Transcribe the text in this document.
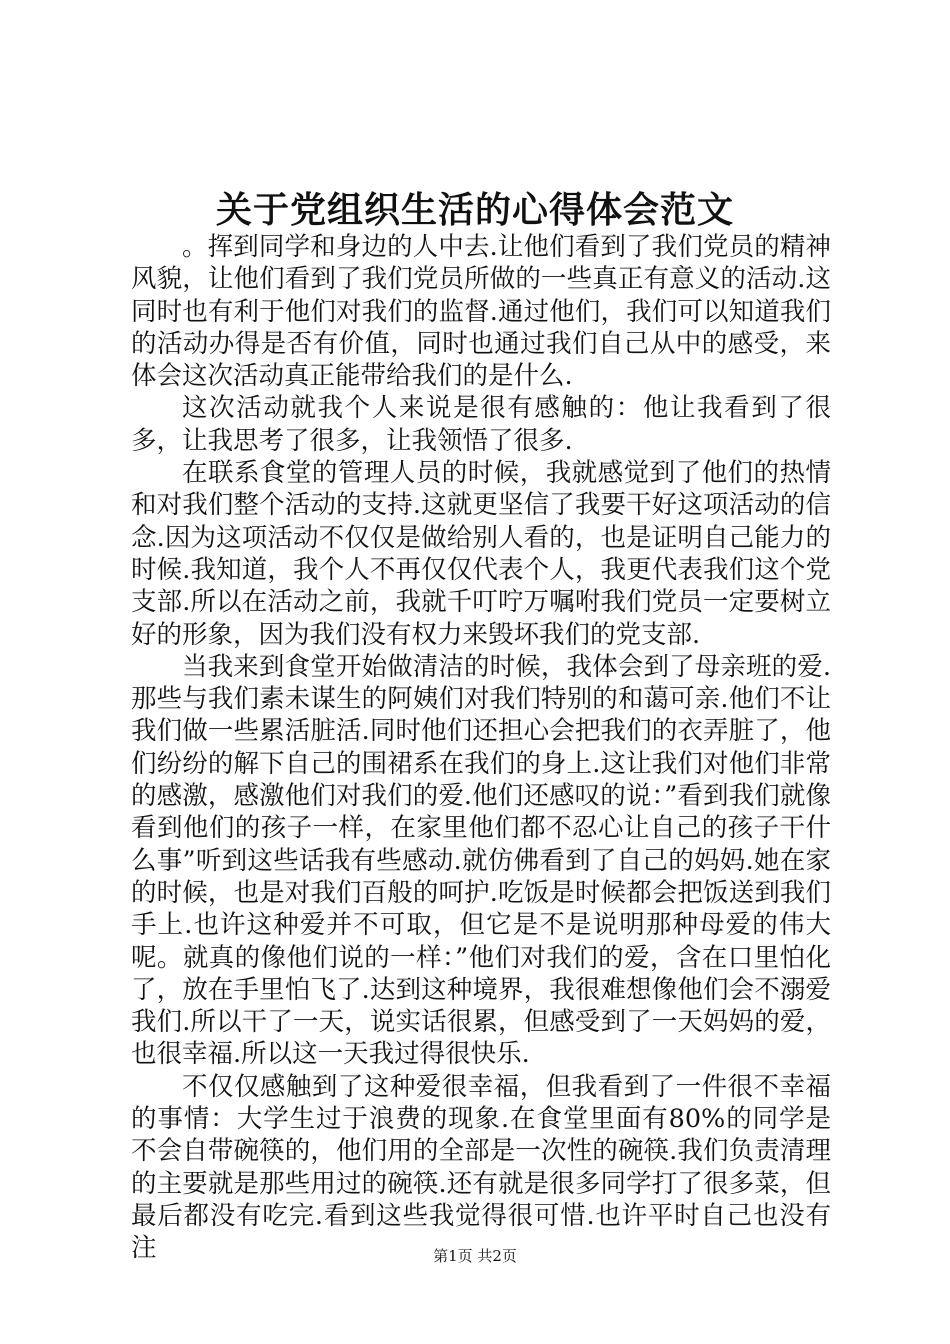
关于党组织生活的心得体会范文

。挥到同学和身边的人中去.让他们看到了我们党员的精神风貌，让他们看到了我们党员所做的一些真正有意义的活动.这同时也有利于他们对我们的监督.通过他们，我们可以知道我们的活动办得是否有价值，同时也通过我们自己从中的感受，来体会这次活动真正能带给我们的是什么.

这次活动就我个人来说是很有感触的：他让我看到了很多，让我思考了很多，让我领悟了很多.

在联系食堂的管理人员的时候，我就感觉到了他们的热情和对我们整个活动的支持.这就更坚信了我要干好这项活动的信念.因为这项活动不仅仅是做给别人看的，也是证明自己能力的时候.我知道，我个人不再仅仅代表个人，我更代表我们这个党支部.所以在活动之前，我就千叮咛万嘱咐我们党员一定要树立好的形象，因为我们没有权力来毁坏我们的党支部.

当我来到食堂开始做清洁的时候，我体会到了母亲班的爱.那些与我们素未谋生的阿姨们对我们特别的和蔼可亲.他们不让我们做一些累活脏活.同时他们还担心会把我们的衣弄脏了，他们纷纷的解下自己的围裙系在我们的身上.这让我们对他们非常的感激，感激他们对我们的爱.他们还感叹的说：”看到我们就像看到他们的孩子一样，在家里他们都不忍心让自己的孩子干什么事”听到这些话我有些感动.就仿佛看到了自己的妈妈.她在家的时候，也是对我们百般的呵护.吃饭是时候都会把饭送到我们手上.也许这种爱并不可取，但它是不是说明那种母爱的伟大呢。就真的像他们说的一样：”他们对我们的爱，含在口里怕化了，放在手里怕飞了.达到这种境界，我很难想像他们会不溺爱我们.所以干了一天，说实话很累，但感受到了一天妈妈的爱，也很幸福.所以这一天我过得很快乐.

不仅仅感触到了这种爱很幸福，但我看到了一件很不幸福的事情：大学生过于浪费的现象.在食堂里面有80%的同学是不会自带碗筷的，他们用的全部是一次性的碗筷.我们负责清理的主要就是那些用过的碗筷.还有就是很多同学打了很多菜，但最后都没有吃完.看到这些我觉得很可惜.也许平时自己也没有注	第1页 共2页
